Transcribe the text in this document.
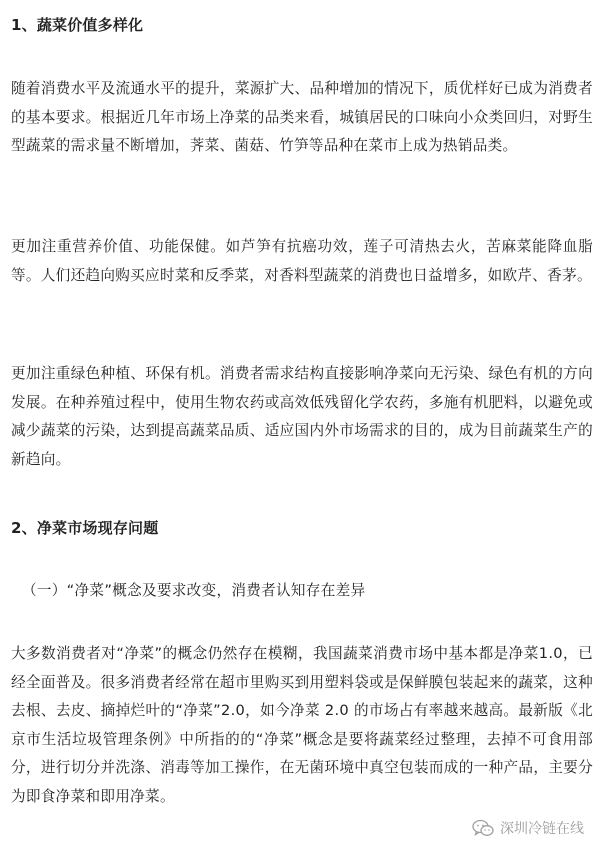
1、蔬菜价值多样化
随着消费水平及流通水平的提升，菜源扩大、品种增加的情况下，质优样好已成为消费者的基本要求。根据近几年市场上净菜的品类来看，城镇居民的口味向小众类回归，对野生型蔬菜的需求量不断增加，荠菜、菌菇、竹笋等品种在菜市上成为热销品类。
更加注重营养价值、功能保健。如芦笋有抗癌功效，莲子可清热去火，苦麻菜能降血脂等。人们还趋向购买应时菜和反季菜，对香料型蔬菜的消费也日益增多，如欧芹、香茅。
更加注重绿色种植、环保有机。消费者需求结构直接影响净菜向无污染、绿色有机的方向发展。在种养殖过程中，使用生物农药或高效低残留化学农药，多施有机肥料，以避免或减少蔬菜的污染，达到提高蔬菜品质、适应国内外市场需求的目的，成为目前蔬菜生产的新趋向。
2、净菜市场现存问题
（一）“净菜”概念及要求改变，消费者认知存在差异
大多数消费者对“净菜”的概念仍然存在模糊，我国蔬菜消费市场中基本都是净菜1.0，已经全面普及。很多消费者经常在超市里购买到用塑料袋或是保鲜膜包装起来的蔬菜，这种去根、去皮、摘掉烂叶的“净菜”2.0，如今净菜 2.0 的市场占有率越来越高。最新版《北京市生活垃圾管理条例》中所指的的“净菜”概念是要将蔬菜经过整理，去掉不可食用部分，进行切分并洗涤、消毒等加工操作，在无菌环境中真空包装而成的一种产品，主要分为即食净菜和即用净菜。
深圳冷链在线
